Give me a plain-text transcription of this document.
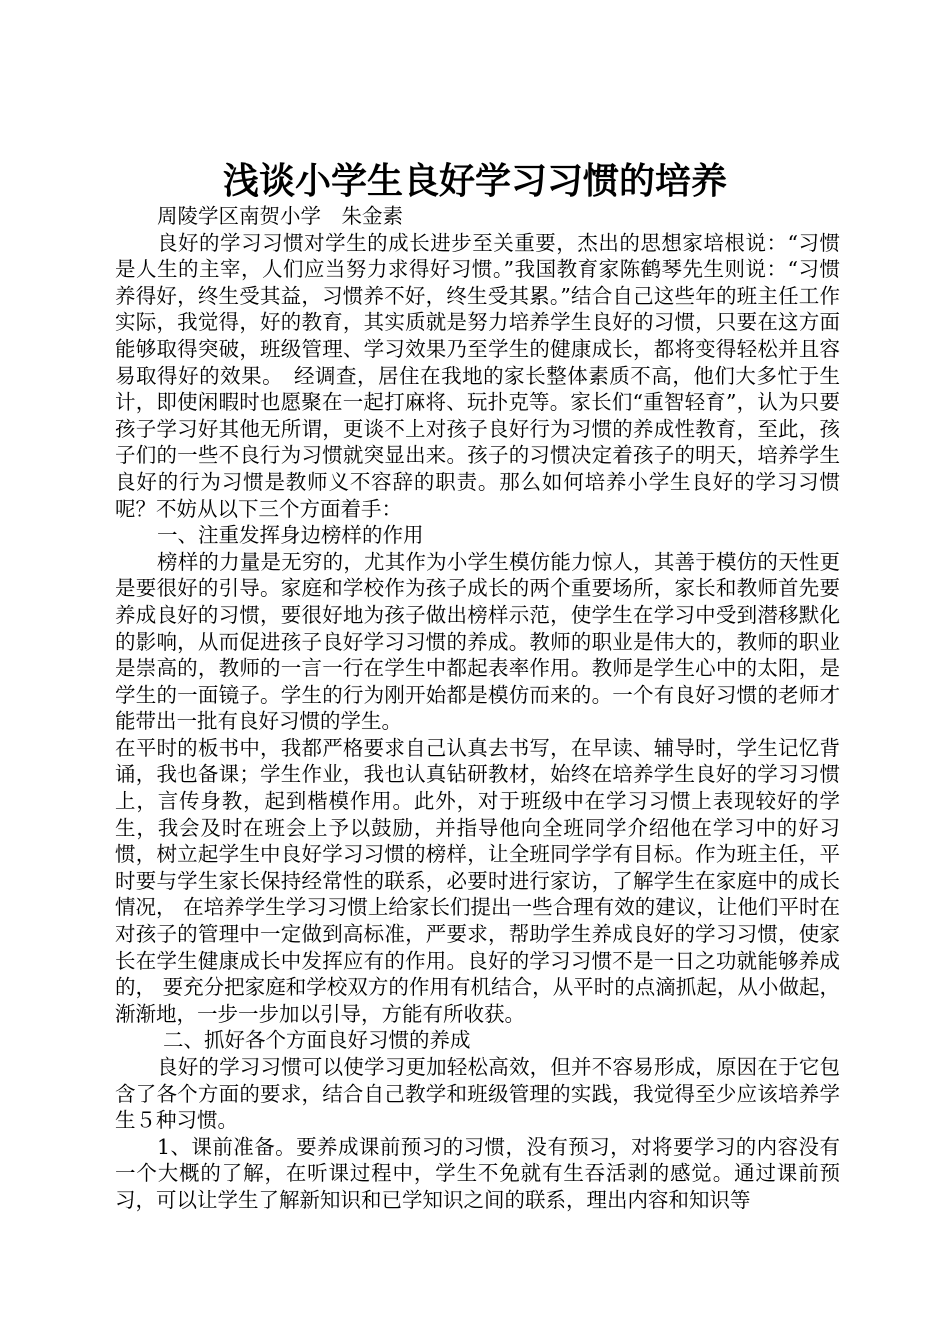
浅谈小学生良好学习习惯的培养

周陵学区南贺小学　朱金素

良好的学习习惯对学生的成长进步至关重要，杰出的思想家培根说：“习惯是人生的主宰，人们应当努力求得好习惯。”我国教育家陈鹤琴先生则说：“习惯养得好，终生受其益，习惯养不好，终生受其累。”结合自己这些年的班主任工作实际，我觉得，好的教育，其实质就是努力培养学生良好的习惯，只要在这方面能够取得突破，班级管理、学习效果乃至学生的健康成长，都将变得轻松并且容易取得好的效果。　经调查，居住在我地的家长整体素质不高，他们大多忙于生计，即使闲暇时也愿聚在一起打麻将、玩扑克等。家长们“重智轻育”，认为只要孩子学习好其他无所谓，更谈不上对孩子良好行为习惯的养成性教育，至此，孩子们的一些不良行为习惯就突显出来。孩子的习惯决定着孩子的明天，培养学生良好的行为习惯是教师义不容辞的职责。那么如何培养小学生良好的学习习惯呢？不妨从以下三个方面着手：

一、注重发挥身边榜样的作用

榜样的力量是无穷的，尤其作为小学生模仿能力惊人，其善于模仿的天性更是要很好的引导。家庭和学校作为孩子成长的两个重要场所，家长和教师首先要养成良好的习惯，要很好地为孩子做出榜样示范，使学生在学习中受到潜移默化的影响，从而促进孩子良好学习习惯的养成。教师的职业是伟大的，教师的职业是崇高的，教师的一言一行在学生中都起表率作用。教师是学生心中的太阳，是学生的一面镜子。学生的行为刚开始都是模仿而来的。一个有良好习惯的老师才能带出一批有良好习惯的学生。

在平时的板书中，我都严格要求自己认真去书写，在早读、辅导时，学生记忆背诵，我也备课；学生作业，我也认真钻研教材，始终在培养学生良好的学习习惯上，言传身教，起到楷模作用。此外，对于班级中在学习习惯上表现较好的学生，我会及时在班会上予以鼓励，并指导他向全班同学介绍他在学习中的好习惯，树立起学生中良好学习习惯的榜样，让全班同学学有目标。作为班主任，平时要与学生家长保持经常性的联系，必要时进行家访，了解学生在家庭中的成长情况， 在培养学生学习习惯上给家长们提出一些合理有效的建议，让他们平时在对孩子的管理中一定做到高标准，严要求，帮助学生养成良好的学习习惯，使家长在学生健康成长中发挥应有的作用。良好的学习习惯不是一日之功就能够养成的， 要充分把家庭和学校双方的作用有机结合，从平时的点滴抓起，从小做起，渐渐地，一步一步加以引导，方能有所收获。

二、抓好各个方面良好习惯的养成

良好的学习习惯可以使学习更加轻松高效，但并不容易形成，原因在于它包含了各个方面的要求，结合自己教学和班级管理的实践，我觉得至少应该培养学生５种习惯。

1、课前准备。要养成课前预习的习惯，没有预习，对将要学习的内容没有一个大概的了解，在听课过程中，学生不免就有生吞活剥的感觉。通过课前预习，可以让学生了解新知识和已学知识之间的联系，理出内容和知识等
